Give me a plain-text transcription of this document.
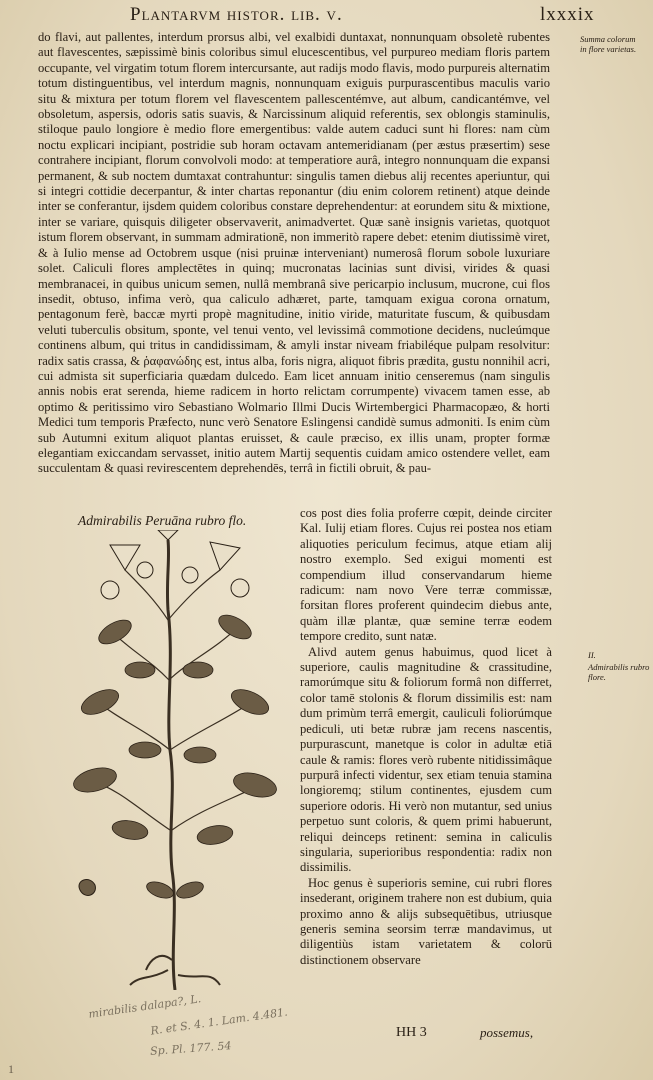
Plantarvm histor. lib. v.	lxxxix
Summa colorum in flore varietas.

do flavi, aut pallentes, interdum prorsus albi, vel exalbidi duntaxat, nonnunquam obsoletè rubentes aut flavescentes, sæpissimè binis coloribus simul elucescentibus, vel purpureo mediam floris partem occupante, vel virgatim totum florem intercursante, aut radijs modo flavis, modo purpureis alternatim totum distinguentibus, vel interdum magnis, nonnunquam exiguis purpurascentibus maculis vario situ & mixtura per totum florem vel flavescentem pallescentémve, aut album, candicantémve, vel obsoletum, aspersis, odoris satis suavis, & Narcissinum aliquid referentis, sex oblongis staminulis, stiloque paulo longiore è medio flore emergentibus: valde autem caduci sunt hi flores: nam cùm noctu explicari incipiant, postridie sub horam octavam antemeridianam (per æstus præsertim) sese contrahere incipiant, florum convolvoli modo: at temperatiore aurâ, integro nonnunquam die expansi permanent, & sub noctem dumtaxat contrahuntur: singulis tamen diebus alij recentes aperiuntur, qui si integri cottidie decerpantur, & inter chartas reponantur (diu enim colorem retinent) atque deinde inter se conferantur, ijsdem quidem coloribus constare deprehendentur: at eorundem situ & mixtione, inter se variare, quisquis diligeter observaverit, animadvertet. Quæ sanè insignis varietas, quotquot istum florem observant, in summam admirationē, non immeritò rapere debet: etenim diutissimè viret, & à Iulio mense ad Octobrem usque (nisi pruinæ interveniant) numerosâ florum sobole luxuriare solet. Caliculi flores amplectētes in quinq; mucronatas lacinias sunt divisi, virides & quasi membranacei, in quibus unicum semen, nullâ membranâ sive pericarpio inclusum, mucrone, cui flos insedit, obtuso, infima verò, qua caliculo adhæret, parte, tamquam exigua corona ornatum, pentagonum ferè, baccæ myrti propè magnitudine, initio viride, maturitate fuscum, & quibusdam veluti tuberculis obsitum, sponte, vel tenui vento, vel levissimâ commotione decidens, nucleúmque continens album, qui tritus in candidissimam, & amyli instar niveam friabiléque pulpam resolvitur: radix satis crassa, & ῥαφανώδης est, intus alba, foris nigra, aliquot fibris prædita, gustu nonnihil acri, cui admista sit superficiaria quædam dulcedo. Eam licet annuam initio censeremus (nam singulis annis nobis erat serenda, hieme radicem in horto relictam corrumpente) vivacem tamen esse, ab optimo & peritissimo viro Sebastiano Wolmario Illmi Ducis Wirtembergici Pharmacopæo, & horti Medici tum temporis Præfecto, nunc verò Senatore Eslingensi candidè sumus admoniti. Is enim cùm sub Autumni exitum aliquot plantas eruisset, & caule præciso, ex illis unam, propter formæ elegantiam exiccandam servasset, initio autem Martij sequentis cuidam amico ostendere vellet, eam succulentam & quasi revirescentem deprehendēs, terrâ in fictili obruit, & pau-

Admirabilis Peruāna rubro flo.
II.
Admirabilis rubro flore.

cos post dies folia proferre cœpit, deinde circiter Kal. Iulij etiam flores. Cujus rei postea nos etiam aliquoties periculum fecimus, atque etiam alij nostro exemplo. Sed exigui momenti est compendium illud conservandarum hieme radicum: nam novo Vere terræ commissæ, forsitan flores proferent quindecim diebus ante, quàm illæ plantæ, quæ semine terræ eodem tempore credito, sunt natæ.

Alivd autem genus habuimus, quod licet à superiore, caulis magnitudine & crassitudine, ramorúmque situ & foliorum formâ non differret, color tamē stolonis & florum dissimilis est: nam dum primùm terrâ emergit, cauliculi foliorúmque pediculi, uti betæ rubræ jam recens nascentis, purpurascunt, manetque is color in adultæ etiā caule & ramis: flores verò rubente nitidissimâque purpurâ infecti videntur, sex etiam tenuia stamina longioremq; stilum continentes, ejusdem cum superiore odoris. Hi verò non mutantur, sed unius perpetuo sunt coloris, & quem primi habuerunt, reliqui deinceps retinent: semina in caliculis singularia, superioribus respondentia: radix non dissimilis.

Hoc genus è superioris semine, cui rubri flores insederant, originem trahere non est dubium, quia proximo anno & alijs subsequētibus, utriusque generis semina seorsim terræ mandavimus, ut diligentiùs istam varietatem & colorū distinctionem observare

HH 3	possemus,
mirabilis dalapa?, L.
R. et S. 4. 1. Lam. 4.481.
Sp. Pl. 177. 54
1
